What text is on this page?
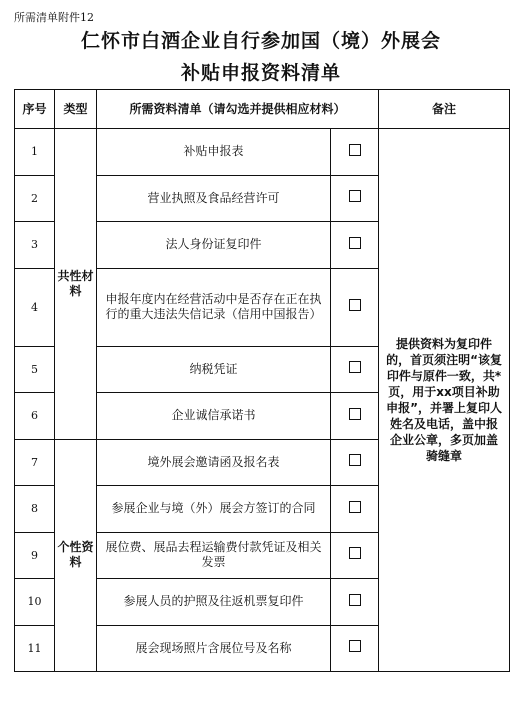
所需清单附件12
仁怀市白酒企业自行参加国（境）外展会
补贴申报资料清单
序号	类型	所需资料清单（请勾选并提供相应材料）		备注
1	共性材料	补贴申报表		提供资料为复印件的，首页须注明“该复印件与原件一致，共*页，用于xx项目补助申报”，并署上复印人姓名及电话，盖中报企业公章，多页加盖骑缝章
2		营业执照及食品经营许可		
3		法人身份证复印件		
4		申报年度内在经营活动中是否存在正在执行的重大违法失信记录（信用中国报告）		
5		纳税凭证		
6		企业诚信承诺书		
7	个性资料	境外展会邀请函及报名表		
8		参展企业与境（外）展会方签订的合同		
9		展位费、展品去程运输费付款凭证及相关发票		
10		参展人员的护照及往返机票复印件		
11		展会现场照片含展位号及名称		
